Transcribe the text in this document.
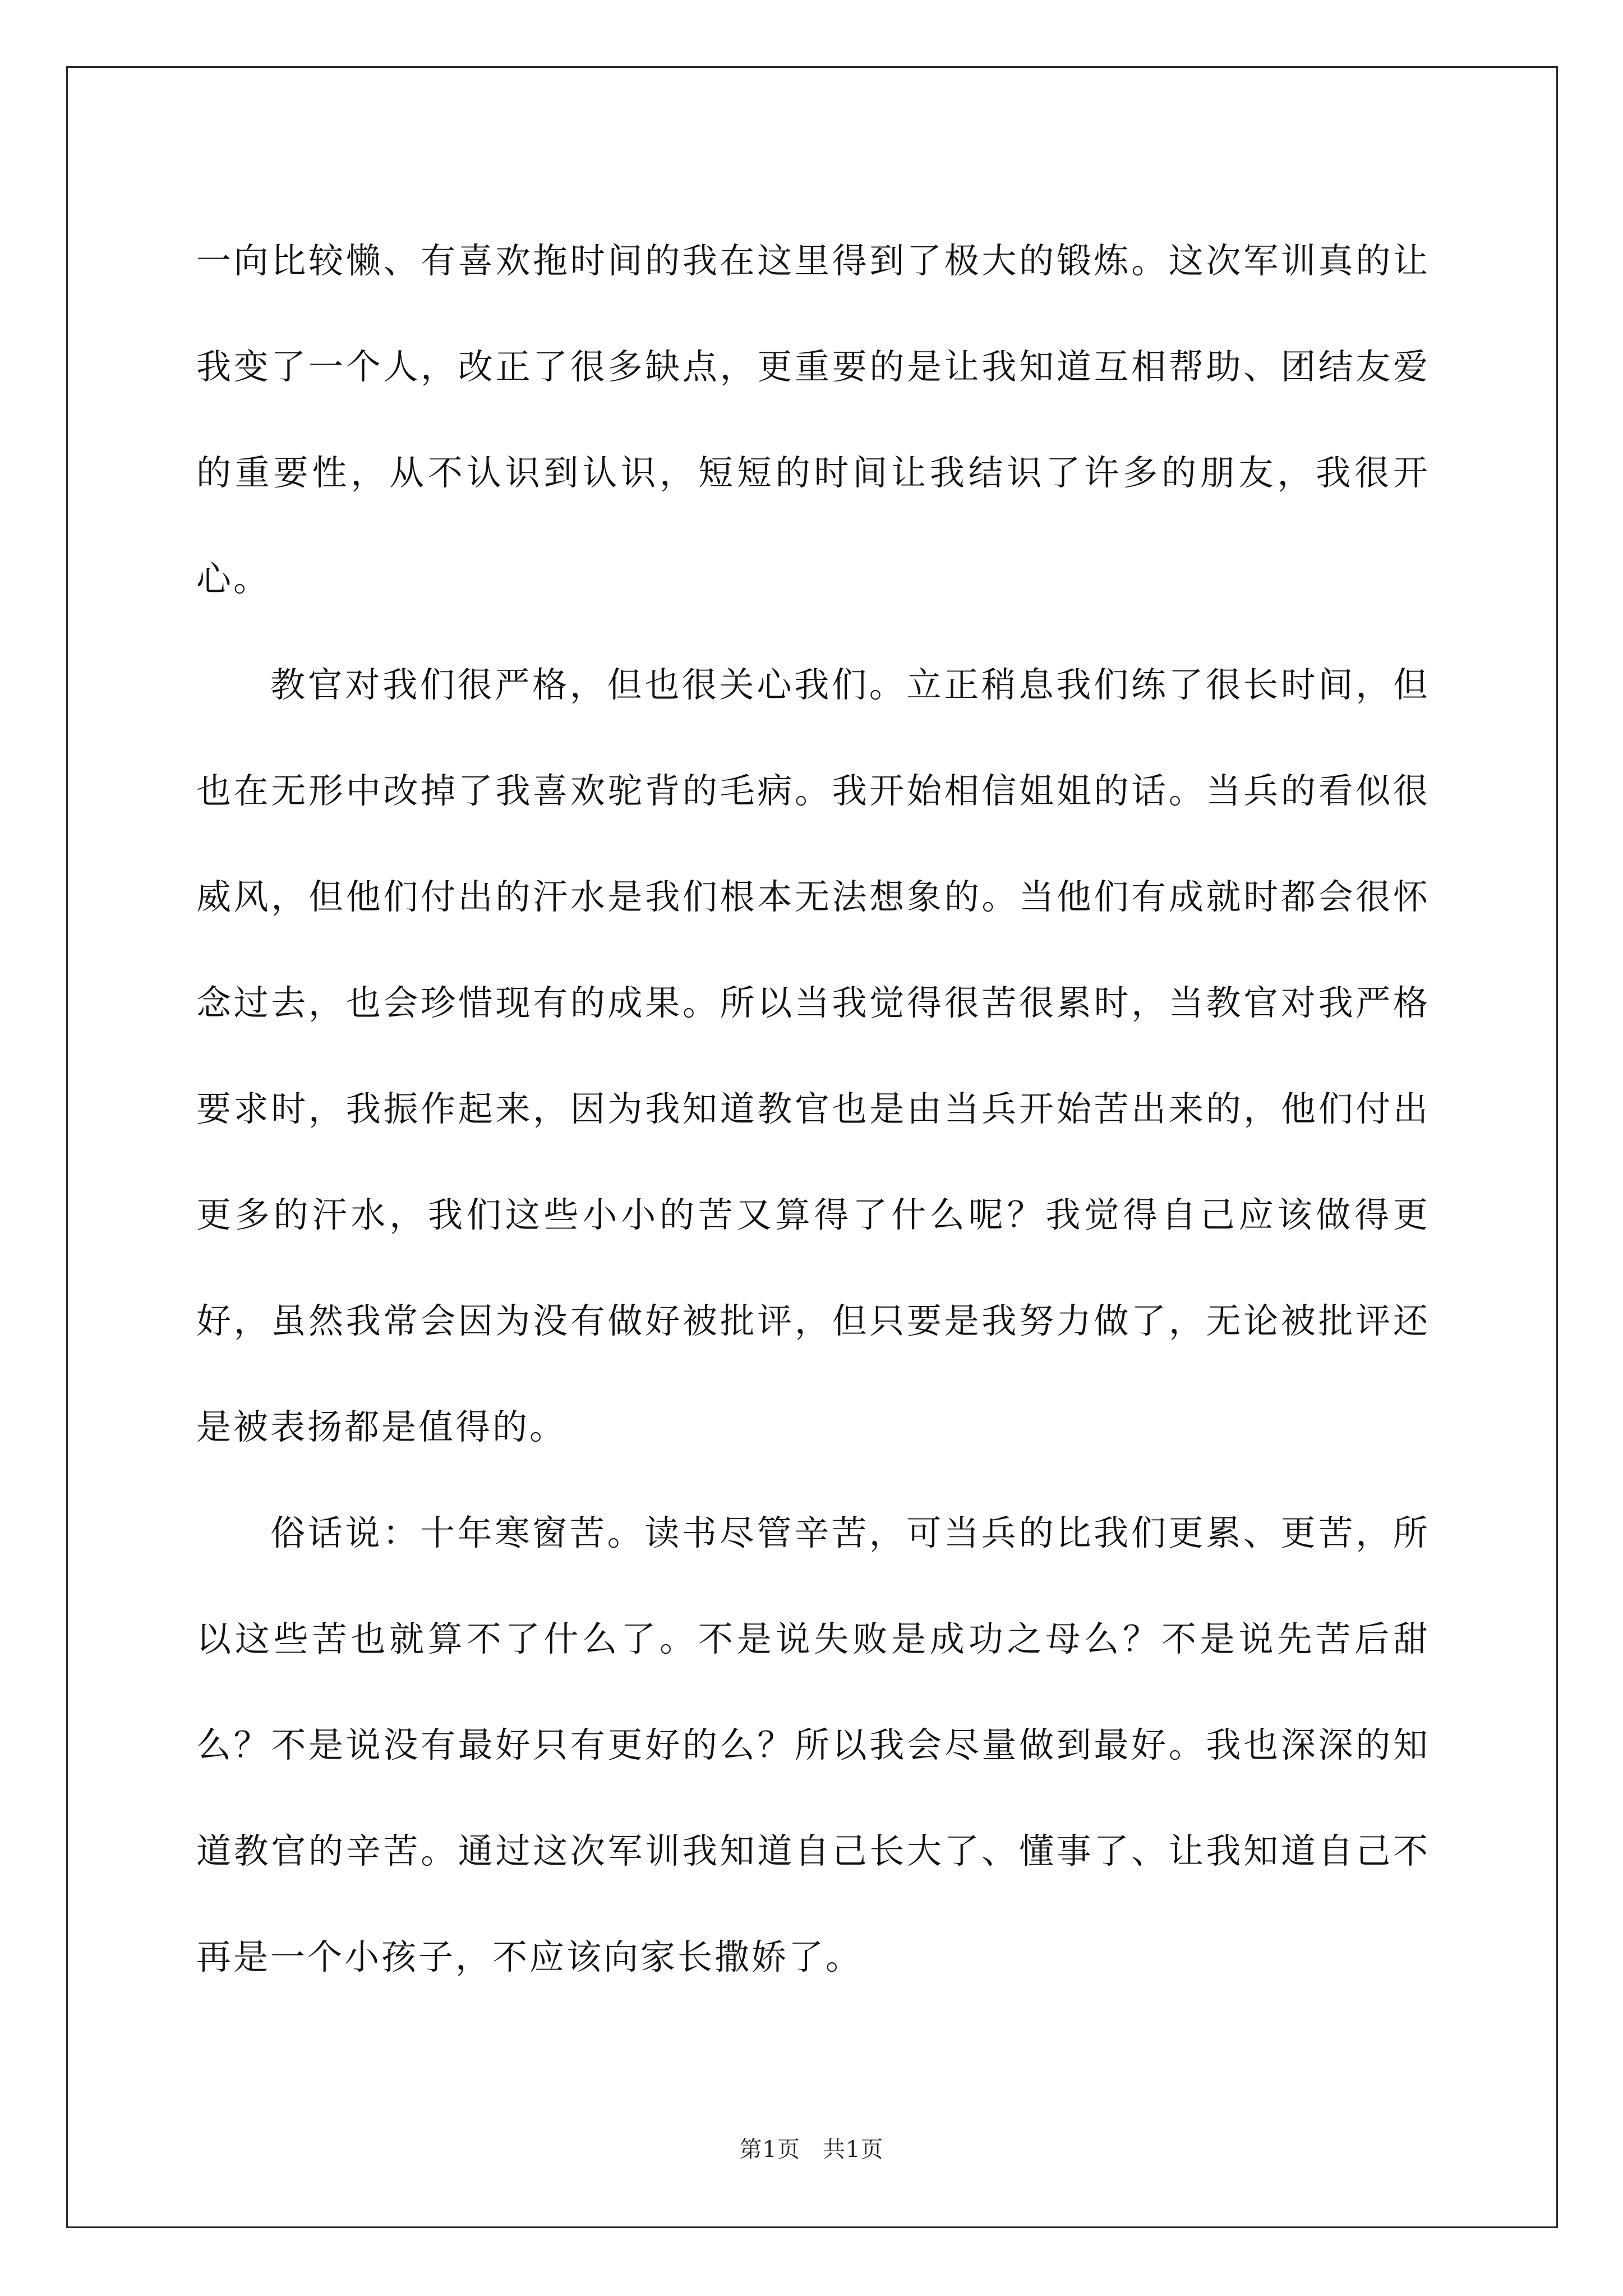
一向比较懒、有喜欢拖时间的我在这里得到了极大的锻炼。这次军训真的让我变了一个人，改正了很多缺点，更重要的是让我知道互相帮助、团结友爱的重要性，从不认识到认识，短短的时间让我结识了许多的朋友，我很开心。

教官对我们很严格，但也很关心我们。立正稍息我们练了很长时间，但也在无形中改掉了我喜欢驼背的毛病。我开始相信姐姐的话。当兵的看似很威风，但他们付出的汗水是我们根本无法想象的。当他们有成就时都会很怀念过去，也会珍惜现有的成果。所以当我觉得很苦很累时，当教官对我严格要求时，我振作起来，因为我知道教官也是由当兵开始苦出来的，他们付出更多的汗水，我们这些小小的苦又算得了什么呢？我觉得自己应该做得更好，虽然我常会因为没有做好被批评，但只要是我努力做了，无论被批评还是被表扬都是值得的。

俗话说：十年寒窗苦。读书尽管辛苦，可当兵的比我们更累、更苦，所以这些苦也就算不了什么了。不是说失败是成功之母么？不是说先苦后甜么？不是说没有最好只有更好的么？所以我会尽量做到最好。我也深深的知道教官的辛苦。通过这次军训我知道自己长大了、懂事了、让我知道自己不再是一个小孩子，不应该向家长撒娇了。

第1页 共1页
